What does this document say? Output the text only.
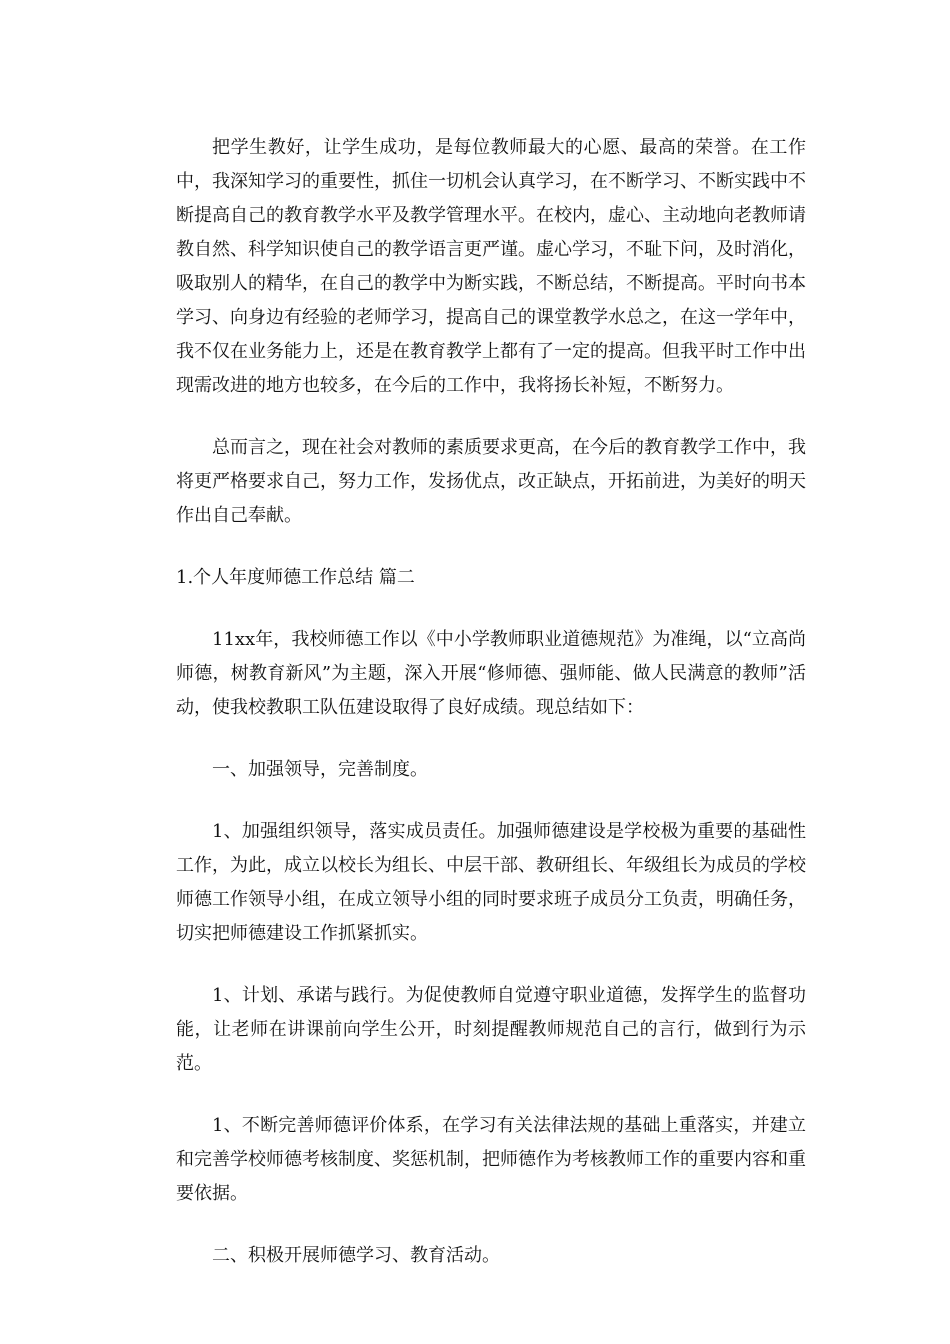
把学生教好，让学生成功，是每位教师最大的心愿、最高的荣誉。在工作中，我深知学习的重要性，抓住一切机会认真学习，在不断学习、不断实践中不断提高自己的教育教学水平及教学管理水平。在校内，虚心、主动地向老教师请教自然、科学知识使自己的教学语言更严谨。虚心学习，不耻下问，及时消化，吸取别人的精华，在自己的教学中为断实践，不断总结，不断提高。平时向书本学习、向身边有经验的老师学习，提高自己的课堂教学水总之，在这一学年中，我不仅在业务能力上，还是在教育教学上都有了一定的提高。但我平时工作中出现需改进的地方也较多，在今后的工作中，我将扬长补短，不断努力。

总而言之，现在社会对教师的素质要求更高，在今后的教育教学工作中，我将更严格要求自己，努力工作，发扬优点，改正缺点，开拓前进，为美好的明天作出自己奉献。

1.个人年度师德工作总结 篇二

11xx年，我校师德工作以《中小学教师职业道德规范》为准绳，以“立高尚师德，树教育新风”为主题，深入开展“修师德、强师能、做人民满意的教师”活动，使我校教职工队伍建设取得了良好成绩。现总结如下：

一、加强领导，完善制度。

1、加强组织领导，落实成员责任。加强师德建设是学校极为重要的基础性工作，为此，成立以校长为组长、中层干部、教研组长、年级组长为成员的学校师德工作领导小组，在成立领导小组的同时要求班子成员分工负责，明确任务，切实把师德建设工作抓紧抓实。

1、计划、承诺与践行。为促使教师自觉遵守职业道德，发挥学生的监督功能，让老师在讲课前向学生公开，时刻提醒教师规范自己的言行，做到行为示范。

1、不断完善师德评价体系，在学习有关法律法规的基础上重落实，并建立和完善学校师德考核制度、奖惩机制，把师德作为考核教师工作的重要内容和重要依据。

二、积极开展师德学习、教育活动。
